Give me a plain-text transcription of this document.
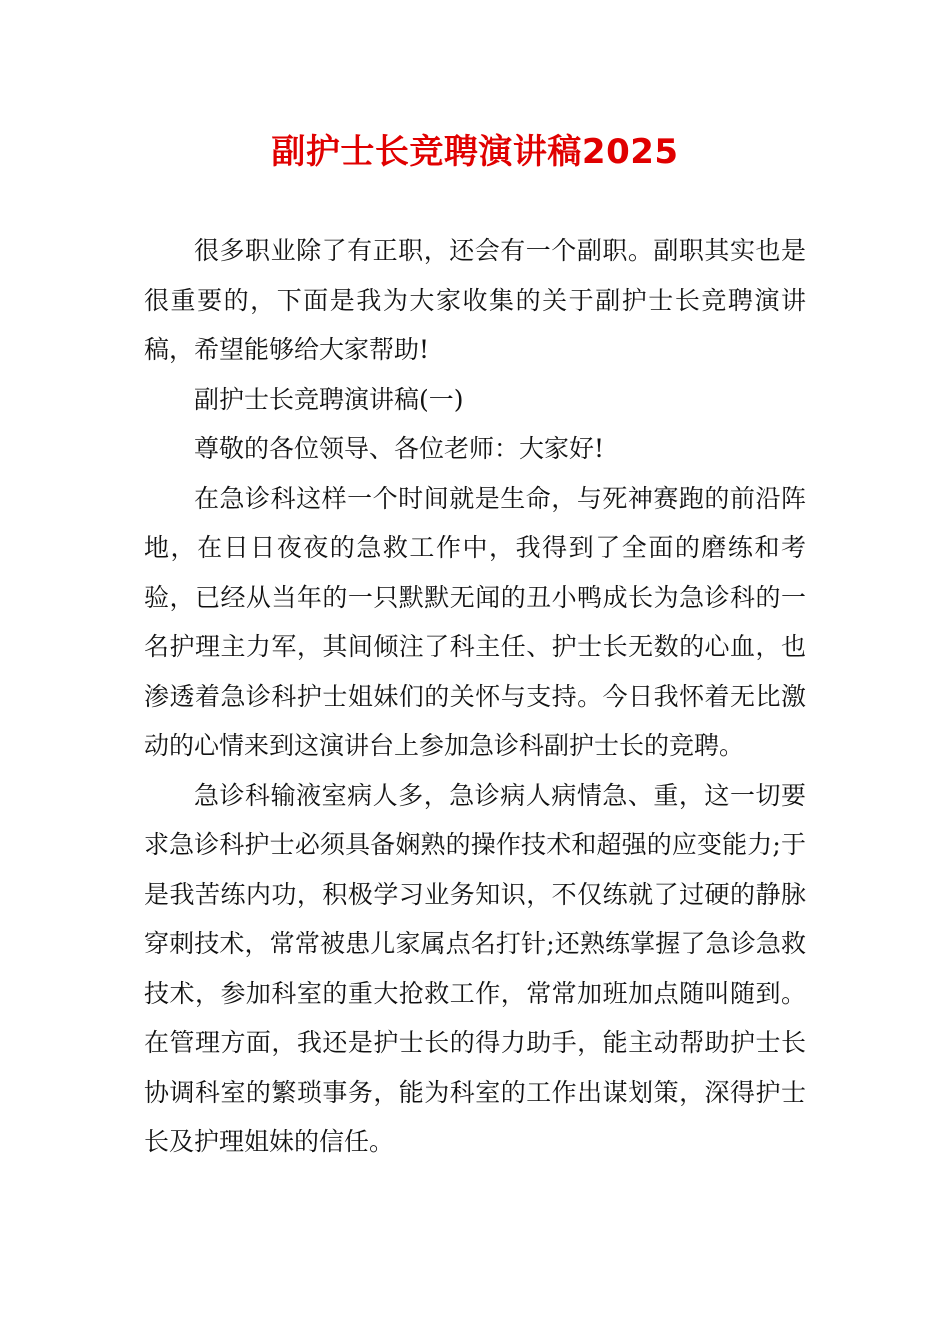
副护士长竞聘演讲稿2025

很多职业除了有正职，还会有一个副职。副职其实也是很重要的，下面是我为大家收集的关于副护士长竞聘演讲稿，希望能够给大家帮助!

副护士长竞聘演讲稿(一)

尊敬的各位领导、各位老师：大家好!

在急诊科这样一个时间就是生命，与死神赛跑的前沿阵地，在日日夜夜的急救工作中，我得到了全面的磨练和考验，已经从当年的一只默默无闻的丑小鸭成长为急诊科的一名护理主力军，其间倾注了科主任、护士长无数的心血，也渗透着急诊科护士姐妹们的关怀与支持。今日我怀着无比激动的心情来到这演讲台上参加急诊科副护士长的竞聘。

急诊科输液室病人多，急诊病人病情急、重，这一切要求急诊科护士必须具备娴熟的操作技术和超强的应变能力;于是我苦练内功，积极学习业务知识，不仅练就了过硬的静脉穿刺技术，常常被患儿家属点名打针;还熟练掌握了急诊急救技术，参加科室的重大抢救工作，常常加班加点随叫随到。在管理方面，我还是护士长的得力助手，能主动帮助护士长协调科室的繁琐事务，能为科室的工作出谋划策，深得护士长及护理姐妹的信任。
